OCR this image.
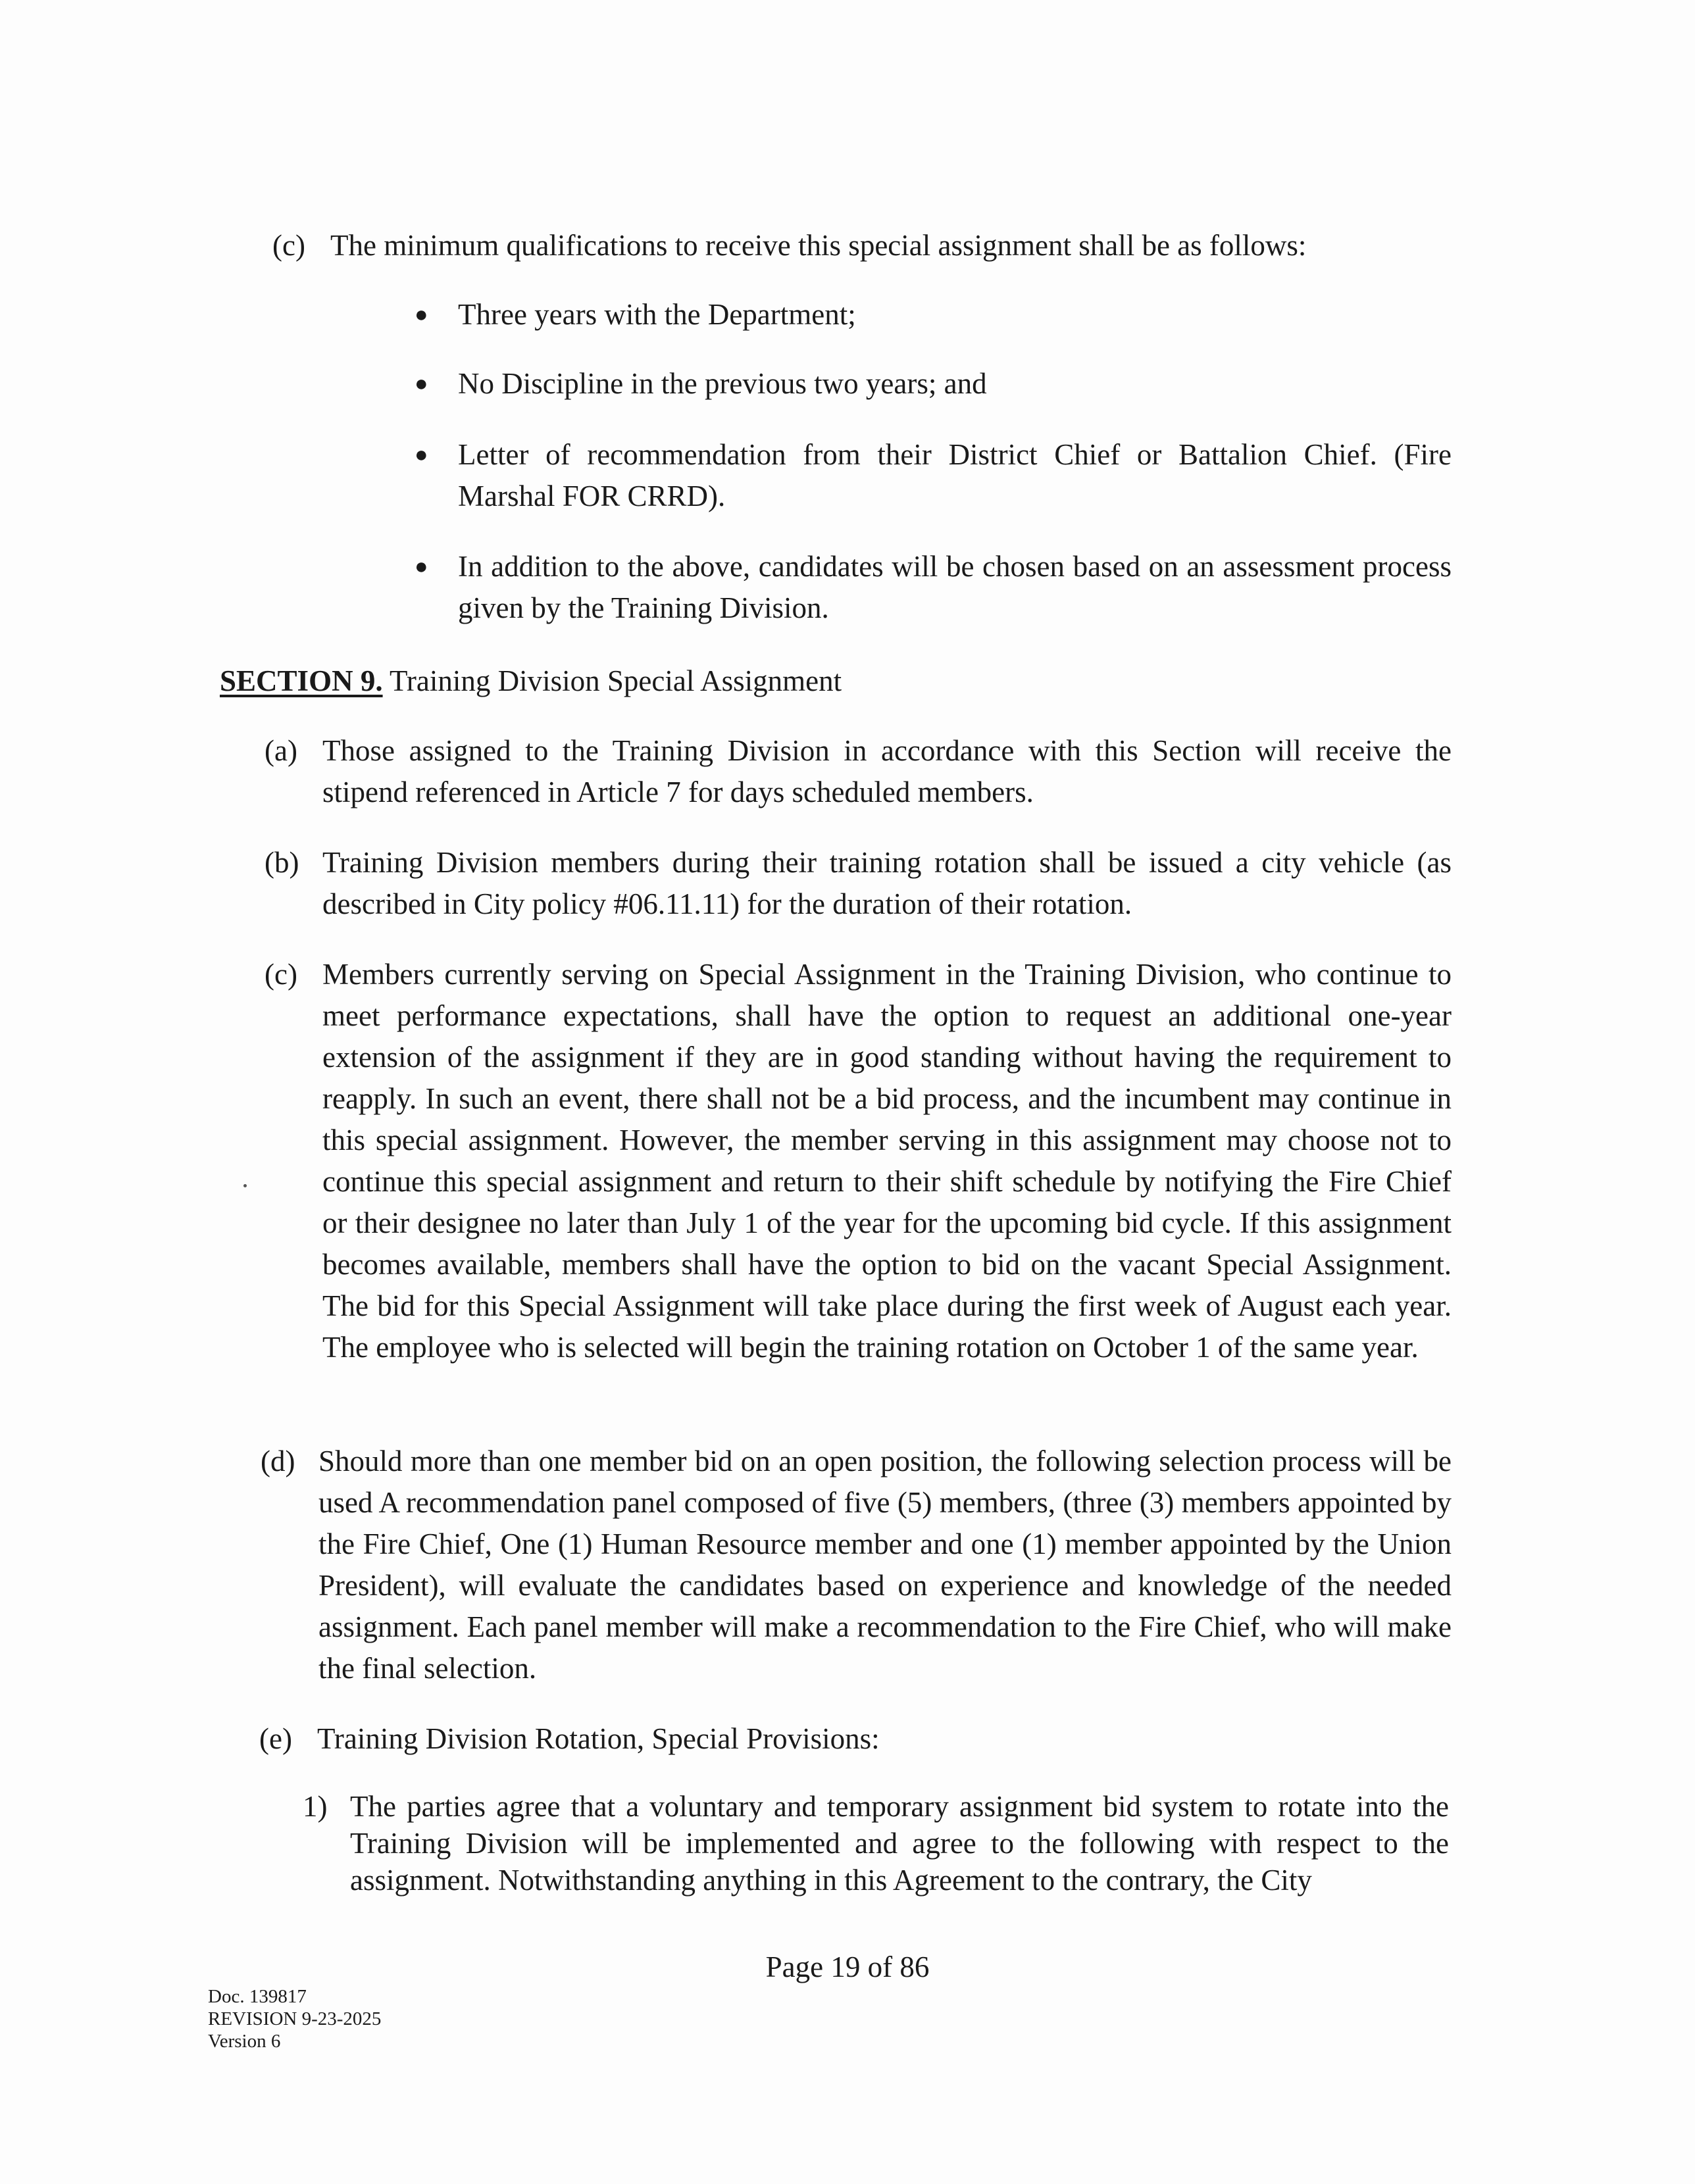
(c) The minimum qualifications to receive this special assignment shall be as follows:

● Three years with the Department;

● No Discipline in the previous two years; and

● Letter of recommendation from their District Chief or Battalion Chief. (Fire Marshal FOR CRRD).

● In addition to the above, candidates will be chosen based on an assessment process given by the Training Division.

SECTION 9. Training Division Special Assignment

(a) Those assigned to the Training Division in accordance with this Section will receive the stipend referenced in Article 7 for days scheduled members.

(b) Training Division members during their training rotation shall be issued a city vehicle (as described in City policy #06.11.11) for the duration of their rotation.

(c) Members currently serving on Special Assignment in the Training Division, who continue to meet performance expectations, shall have the option to request an additional one-year extension of the assignment if they are in good standing without having the requirement to reapply. In such an event, there shall not be a bid process, and the incumbent may continue in this special assignment. However, the member serving in this assignment may choose not to continue this special assignment and return to their shift schedule by notifying the Fire Chief or their designee no later than July 1 of the year for the upcoming bid cycle. If this assignment becomes available, members shall have the option to bid on the vacant Special Assignment. The bid for this Special Assignment will take place during the first week of August each year. The employee who is selected will begin the training rotation on October 1 of the same year.

(d) Should more than one member bid on an open position, the following selection process will be used A recommendation panel composed of five (5) members, (three (3) members appointed by the Fire Chief, One (1) Human Resource member and one (1) member appointed by the Union President), will evaluate the candidates based on experience and knowledge of the needed assignment. Each panel member will make a recommendation to the Fire Chief, who will make the final selection.

(e) Training Division Rotation, Special Provisions:

1) The parties agree that a voluntary and temporary assignment bid system to rotate into the Training Division will be implemented and agree to the following with respect to the assignment. Notwithstanding anything in this Agreement to the contrary, the City

Page 19 of 86
Doc. 139817
REVISION 9-23-2025
Version 6
